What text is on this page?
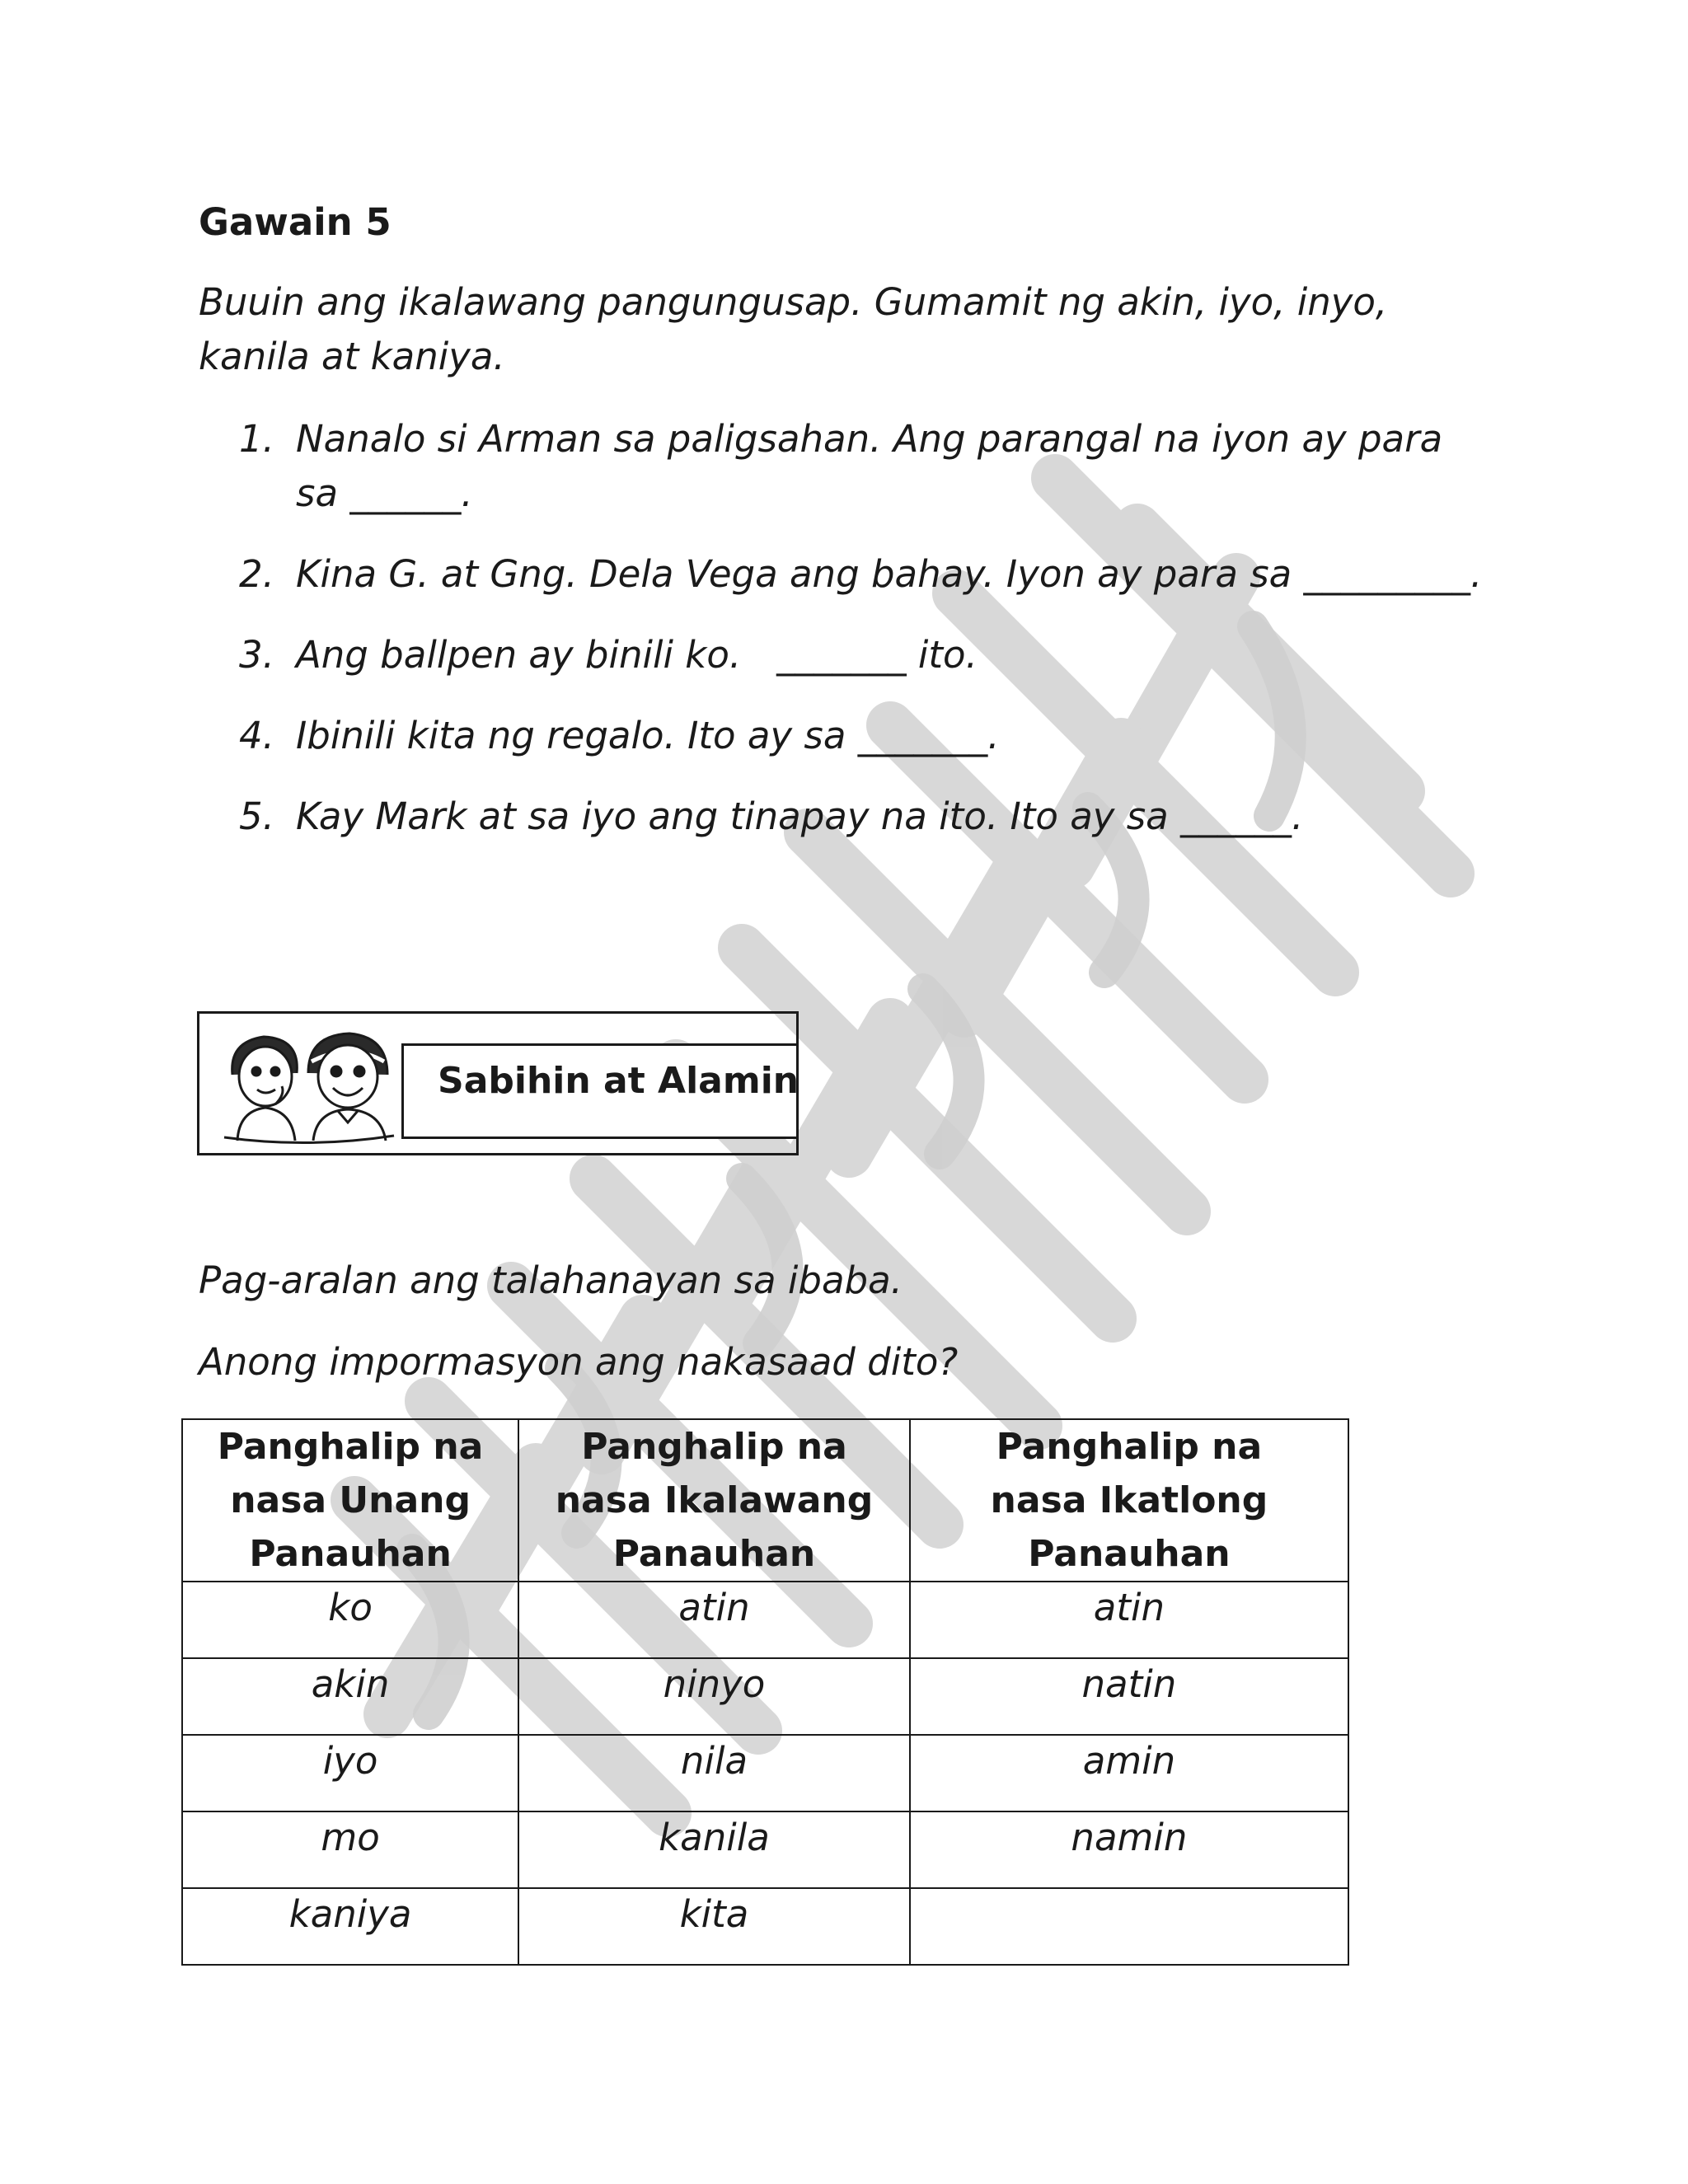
Gawain 5
Buuin ang ikalawang pangungusap. Gumamit ng akin, iyo, inyo, kanila at kaniya.
1. Nanalo si Arman sa paligsahan. Ang parangal na iyon ay para sa ______.
2. Kina G. at Gng. Dela Vega ang bahay. Iyon ay para sa _________.
3. Ang ballpen ay binili ko.   _______ ito.
4. Ibinili kita ng regalo. Ito ay sa _______.
5. Kay Mark at sa iyo ang tinapay na ito. Ito ay sa ______.
Sabihin at Alamin
Pag-aralan ang talahanayan sa ibaba.
Anong impormasyon ang nakasaad dito?
Panghalip na nasa Unang Panauhan	Panghalip na nasa Ikalawang Panauhan	Panghalip na nasa Ikatlong Panauhan
ko	atin	atin
akin	ninyo	natin
iyo	nila	amin
mo	kanila	namin
kaniya	kita	
